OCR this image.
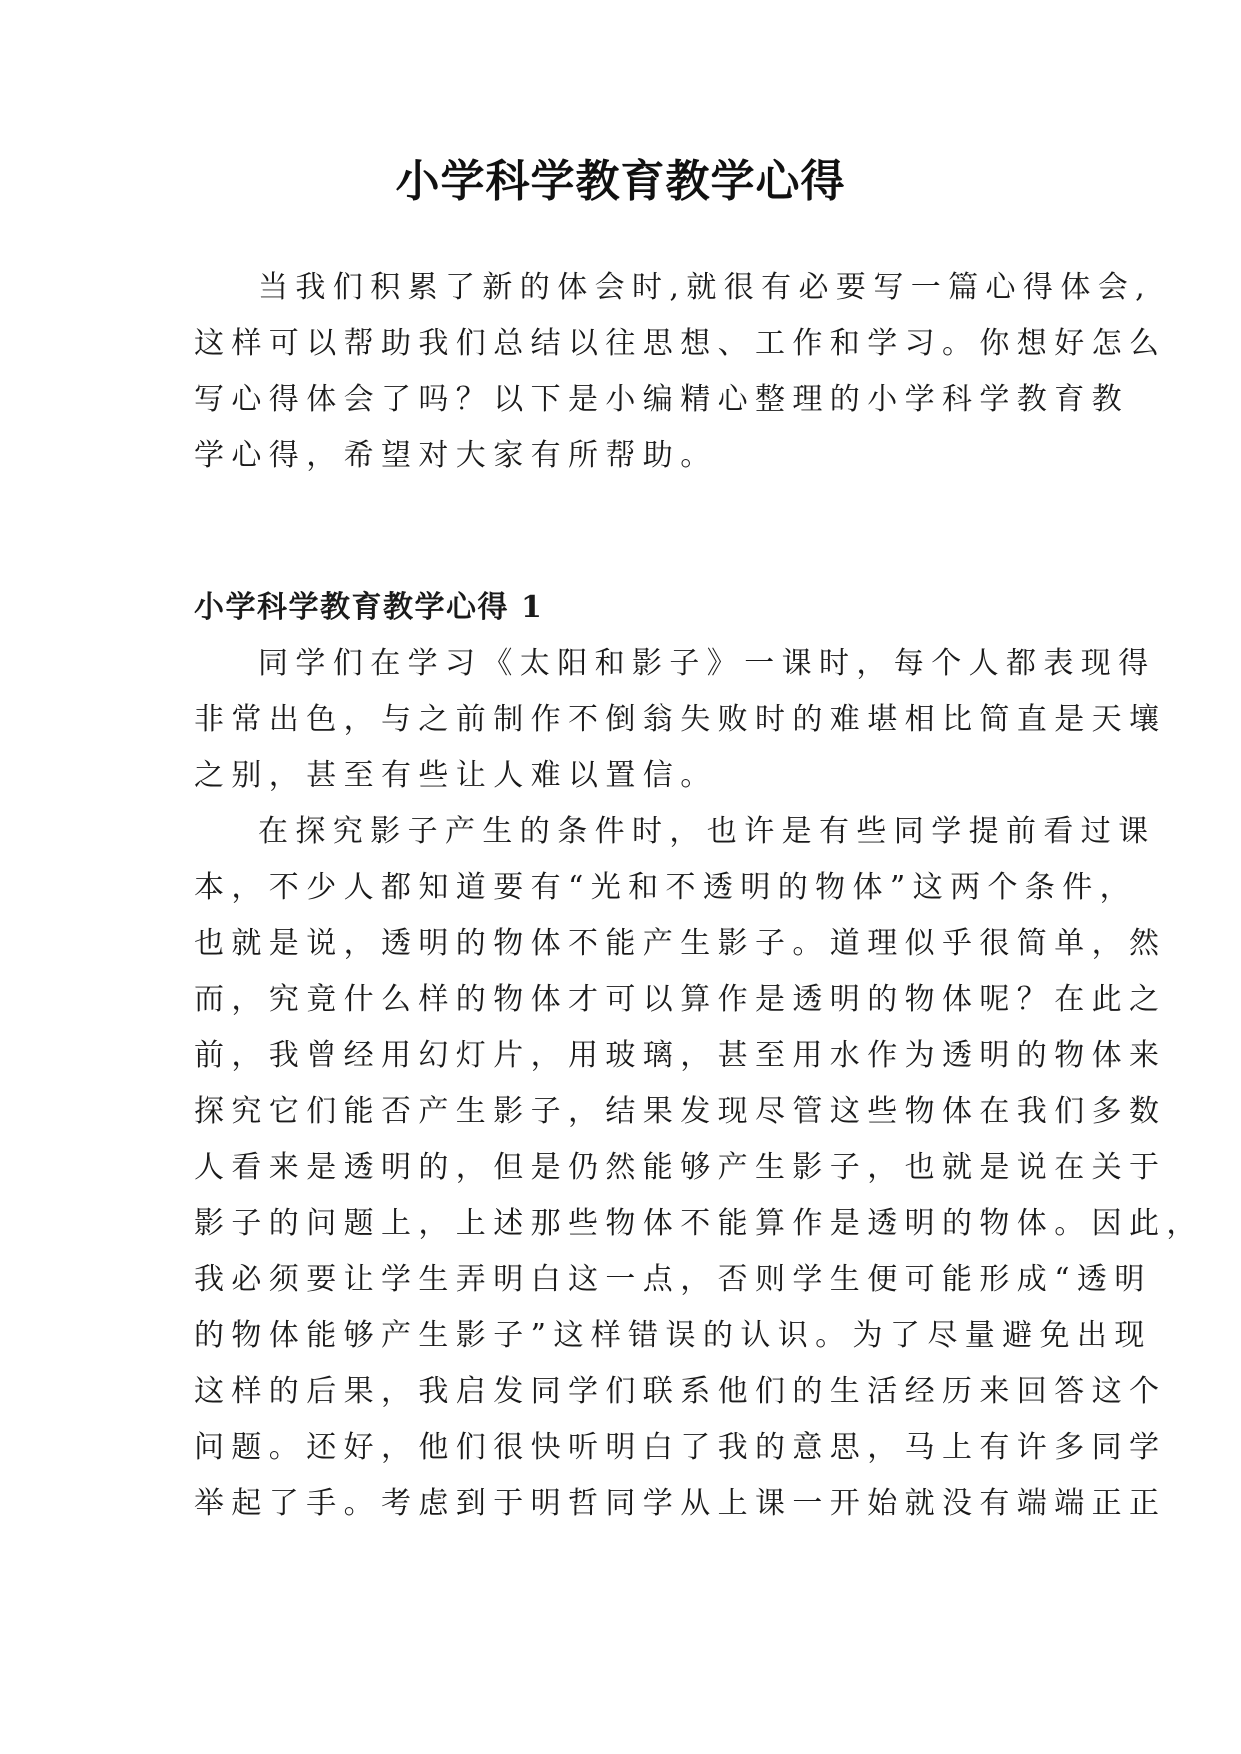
小学科学教育教学心得
当我们积累了新的体会时,就很有必要写一篇心得体会,
这样可以帮助我们总结以往思想、工作和学习。你想好怎么
写心得体会了吗？以下是小编精心整理的小学科学教育教
学心得，希望对大家有所帮助。
小学科学教育教学心得 1
同学们在学习《太阳和影子》一课时，每个人都表现得
非常出色，与之前制作不倒翁失败时的难堪相比简直是天壤
之别，甚至有些让人难以置信。
在探究影子产生的条件时，也许是有些同学提前看过课
本，不少人都知道要有“光和不透明的物体”这两个条件，
也就是说，透明的物体不能产生影子。道理似乎很简单，然
而，究竟什么样的物体才可以算作是透明的物体呢？在此之
前，我曾经用幻灯片，用玻璃，甚至用水作为透明的物体来
探究它们能否产生影子，结果发现尽管这些物体在我们多数
人看来是透明的，但是仍然能够产生影子，也就是说在关于
影子的问题上，上述那些物体不能算作是透明的物体。因此，
我必须要让学生弄明白这一点，否则学生便可能形成“透明
的物体能够产生影子”这样错误的认识。为了尽量避免出现
这样的后果，我启发同学们联系他们的生活经历来回答这个
问题。还好，他们很快听明白了我的意思，马上有许多同学
举起了手。考虑到于明哲同学从上课一开始就没有端端正正
